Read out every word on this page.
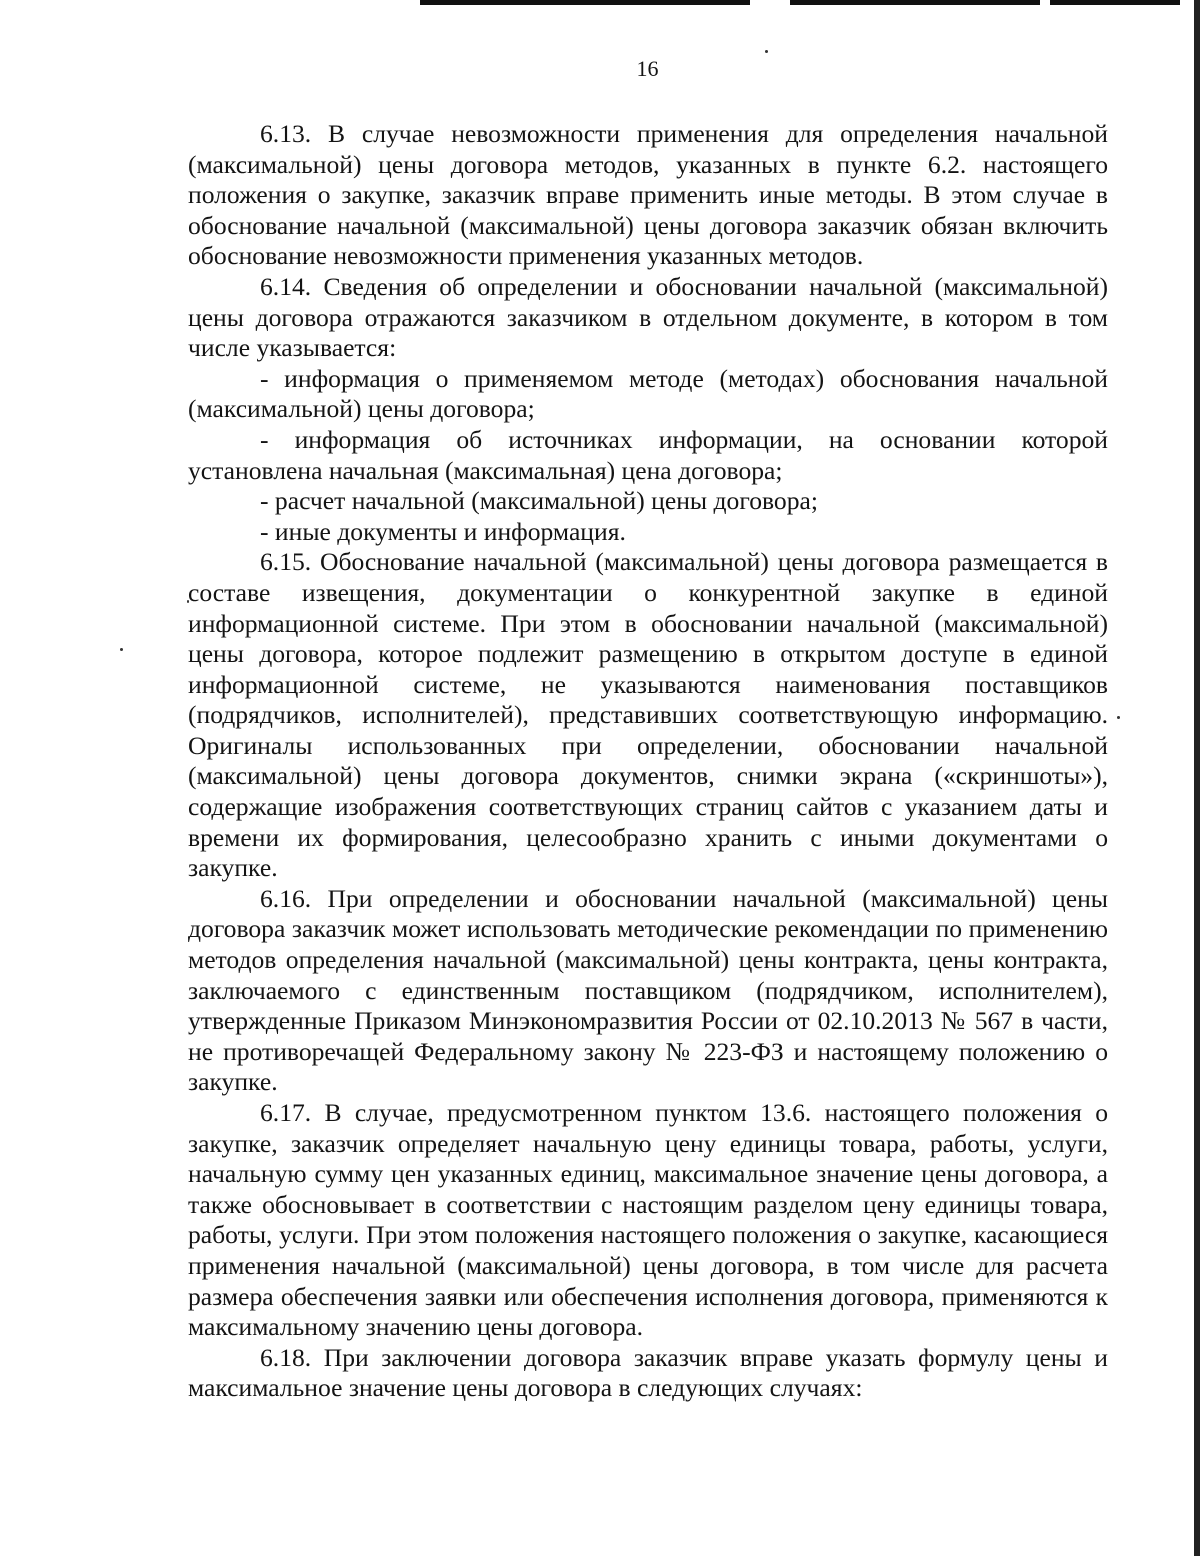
16

6.13. В случае невозможности применения для определения начальной (максимальной) цены договора методов, указанных в пункте 6.2. настоящего положения о закупке, заказчик вправе применить иные методы. В этом случае в обоснование начальной (максимальной) цены договора заказчик обязан включить обоснование невозможности применения указанных методов.

6.14. Сведения об определении и обосновании начальной (максимальной) цены договора отражаются заказчиком в отдельном документе, в котором в том числе указывается:

- информация о применяемом методе (методах) обоснования начальной (максимальной) цены договора;

- информация об источниках информации, на основании которой установлена начальная (максимальная) цена договора;

- расчет начальной (максимальной) цены договора;

- иные документы и информация.

6.15. Обоснование начальной (максимальной) цены договора размещается в составе извещения, документации о конкурентной закупке в единой информационной системе. При этом в обосновании начальной (максимальной) цены договора, которое подлежит размещению в открытом доступе в единой информационной системе, не указываются наименования поставщиков (подрядчиков, исполнителей), представивших соответствующую информацию. Оригиналы использованных при определении, обосновании начальной (максимальной) цены договора документов, снимки экрана («скриншоты»), содержащие изображения соответствующих страниц сайтов с указанием даты и времени их формирования, целесообразно хранить с иными документами о закупке.

6.16. При определении и обосновании начальной (максимальной) цены договора заказчик может использовать методические рекомендации по применению методов определения начальной (максимальной) цены контракта, цены контракта, заключаемого с единственным поставщиком (подрядчиком, исполнителем), утвержденные Приказом Минэкономразвития России от 02.10.2013 № 567 в части, не противоречащей Федеральному закону № 223-ФЗ и настоящему положению о закупке.

6.17. В случае, предусмотренном пунктом 13.6. настоящего положения о закупке, заказчик определяет начальную цену единицы товара, работы, услуги, начальную сумму цен указанных единиц, максимальное значение цены договора, а также обосновывает в соответствии с настоящим разделом цену единицы товара, работы, услуги. При этом положения настоящего положения о закупке, касающиеся применения начальной (максимальной) цены договора, в том числе для расчета размера обеспечения заявки или обеспечения исполнения договора, применяются к максимальному значению цены договора.

6.18. При заключении договора заказчик вправе указать формулу цены и максимальное значение цены договора в следующих случаях:
